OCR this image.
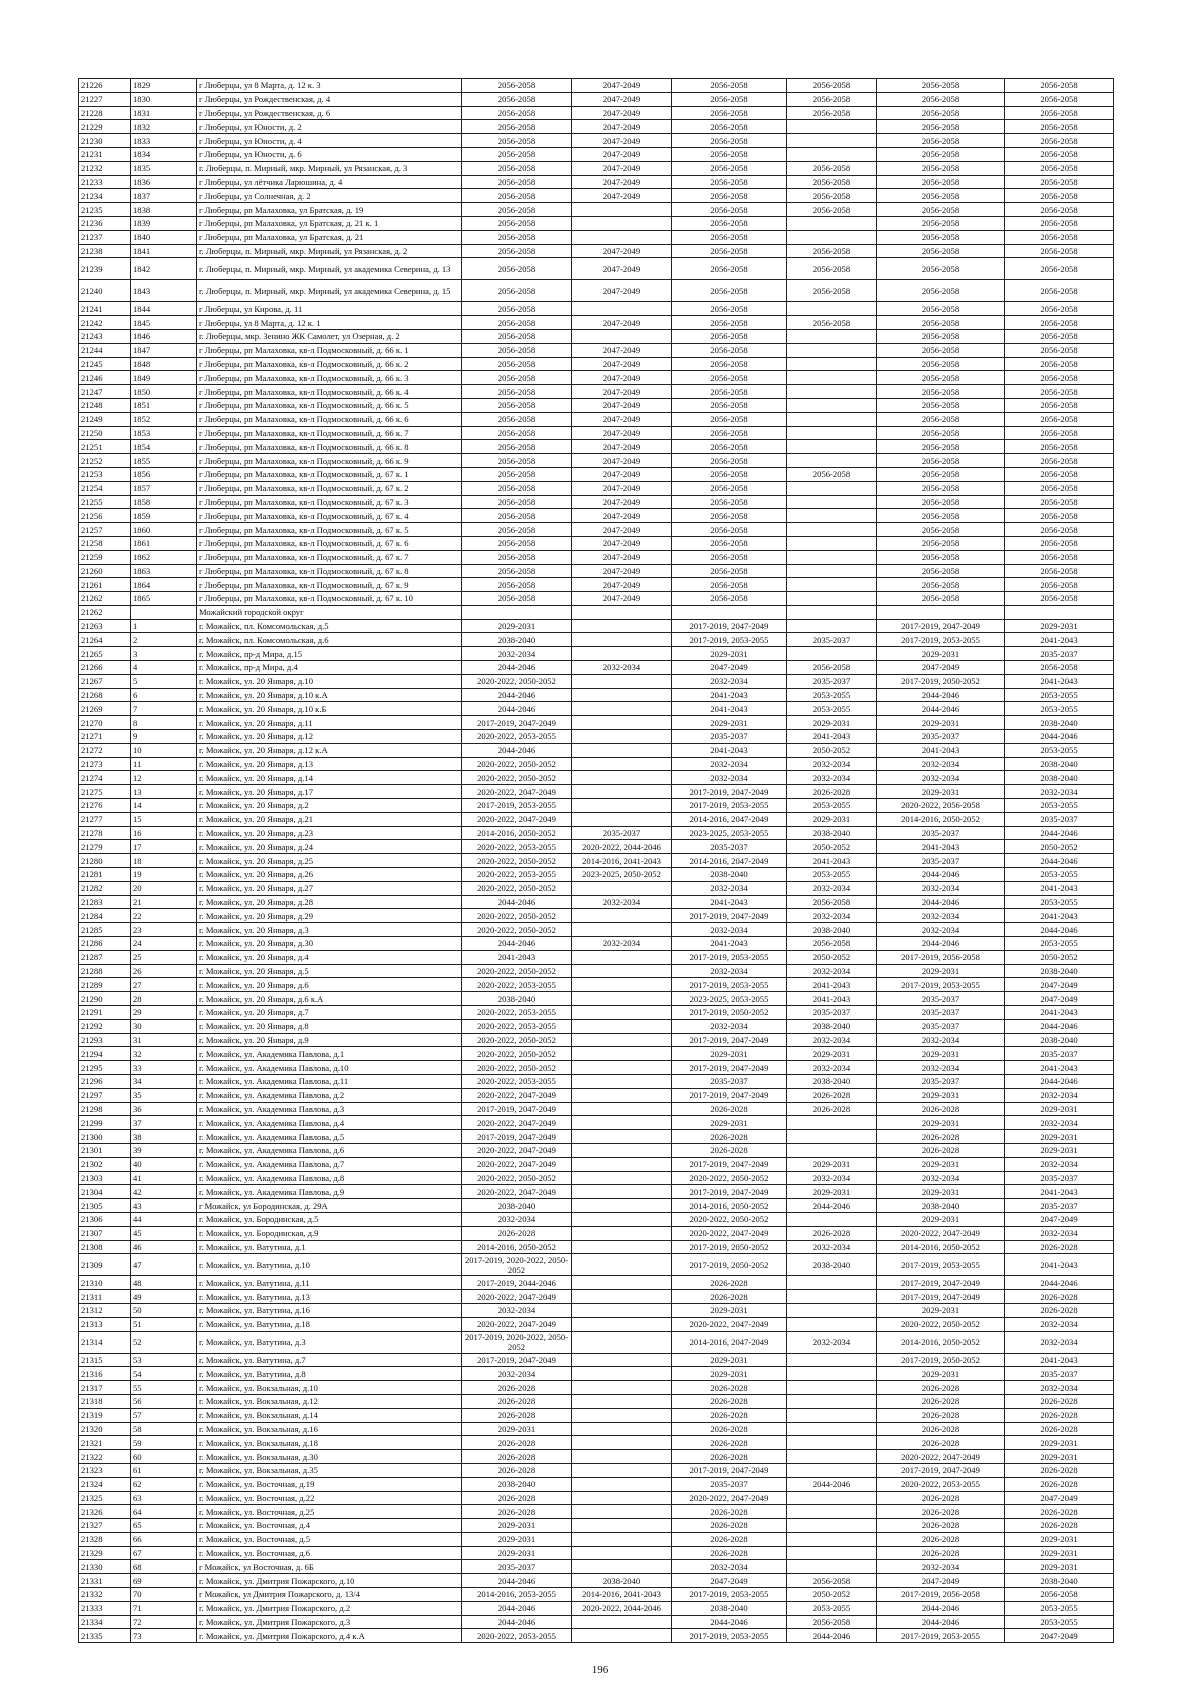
21226	1829	г Люберцы, ул 8 Марта, д. 12 к. 3	2056-2058	2047-2049	2056-2058	2056-2058	2056-2058	2056-2058
21227	1830	г Люберцы, ул Рождественская, д. 4	2056-2058	2047-2049	2056-2058	2056-2058	2056-2058	2056-2058
21228	1831	г Люберцы, ул Рождественская, д. 6	2056-2058	2047-2049	2056-2058	2056-2058	2056-2058	2056-2058
21229	1832	г Люберцы, ул Юности, д. 2	2056-2058	2047-2049	2056-2058		2056-2058	2056-2058
21230	1833	г Люберцы, ул Юности, д. 4	2056-2058	2047-2049	2056-2058		2056-2058	2056-2058
21231	1834	г Люберцы, ул Юности, д. 6	2056-2058	2047-2049	2056-2058		2056-2058	2056-2058
21232	1835	г. Люберцы, п. Мирный, мкр. Мирный, ул Рязанская, д. 3	2056-2058	2047-2049	2056-2058	2056-2058	2056-2058	2056-2058
21233	1836	г Люберцы, ул лётчика Ларюшина, д. 4	2056-2058	2047-2049	2056-2058	2056-2058	2056-2058	2056-2058
21234	1837	г Люберцы, ул Солнечная, д. 2	2056-2058	2047-2049	2056-2058	2056-2058	2056-2058	2056-2058
21235	1838	г Люберцы, рп Малаховка, ул Братская, д. 19	2056-2058		2056-2058	2056-2058	2056-2058	2056-2058
21236	1839	г Люберцы, рп Малаховка, ул Братская, д. 21 к. 1	2056-2058		2056-2058		2056-2058	2056-2058
21237	1840	г Люберцы, рп Малаховка, ул Братская, д. 21	2056-2058		2056-2058		2056-2058	2056-2058
21238	1841	г. Люберцы, п. Мирный, мкр. Мирный, ул Рязанская, д. 2	2056-2058	2047-2049	2056-2058	2056-2058	2056-2058	2056-2058
21239	1842	г. Люберцы, п. Мирный, мкр. Мирный, ул академика Северина, д. 13	2056-2058	2047-2049	2056-2058	2056-2058	2056-2058	2056-2058
21240	1843	г. Люберцы, п. Мирный, мкр. Мирный, ул академика Северина, д. 15	2056-2058	2047-2049	2056-2058	2056-2058	2056-2058	2056-2058
21241	1844	г Люберцы, ул Кирова, д. 11	2056-2058		2056-2058		2056-2058	2056-2058
21242	1845	г Люберцы, ул 8 Марта, д. 12 к. 1	2056-2058	2047-2049	2056-2058	2056-2058	2056-2058	2056-2058
21243	1846	г. Люберцы, мкр. Зенино ЖК Самолет, ул Озерная, д. 2	2056-2058		2056-2058		2056-2058	2056-2058
21244	1847	г Люберцы, рп Малаховка, кв-л Подмосковный, д. 66 к. 1	2056-2058	2047-2049	2056-2058		2056-2058	2056-2058
21245	1848	г Люберцы, рп Малаховка, кв-л Подмосковный, д. 66 к. 2	2056-2058	2047-2049	2056-2058		2056-2058	2056-2058
21246	1849	г Люберцы, рп Малаховка, кв-л Подмосковный, д. 66 к. 3	2056-2058	2047-2049	2056-2058		2056-2058	2056-2058
21247	1850	г Люберцы, рп Малаховка, кв-л Подмосковный, д. 66 к. 4	2056-2058	2047-2049	2056-2058		2056-2058	2056-2058
21248	1851	г Люберцы, рп Малаховка, кв-л Подмосковный, д. 66 к. 5	2056-2058	2047-2049	2056-2058		2056-2058	2056-2058
21249	1852	г Люберцы, рп Малаховка, кв-л Подмосковный, д. 66 к. 6	2056-2058	2047-2049	2056-2058		2056-2058	2056-2058
21250	1853	г Люберцы, рп Малаховка, кв-л Подмосковный, д. 66 к. 7	2056-2058	2047-2049	2056-2058		2056-2058	2056-2058
21251	1854	г Люберцы, рп Малаховка, кв-л Подмосковный, д. 66 к. 8	2056-2058	2047-2049	2056-2058		2056-2058	2056-2058
21252	1855	г Люберцы, рп Малаховка, кв-л Подмосковный, д. 66 к. 9	2056-2058	2047-2049	2056-2058		2056-2058	2056-2058
21253	1856	г Люберцы, рп Малаховка, кв-л Подмосковный, д. 67 к. 1	2056-2058	2047-2049	2056-2058	2056-2058	2056-2058	2056-2058
21254	1857	г Люберцы, рп Малаховка, кв-л Подмосковный, д. 67 к. 2	2056-2058	2047-2049	2056-2058		2056-2058	2056-2058
21255	1858	г Люберцы, рп Малаховка, кв-л Подмосковный, д. 67 к. 3	2056-2058	2047-2049	2056-2058		2056-2058	2056-2058
21256	1859	г Люберцы, рп Малаховка, кв-л Подмосковный, д. 67 к. 4	2056-2058	2047-2049	2056-2058		2056-2058	2056-2058
21257	1860	г Люберцы, рп Малаховка, кв-л Подмосковный, д. 67 к. 5	2056-2058	2047-2049	2056-2058		2056-2058	2056-2058
21258	1861	г Люберцы, рп Малаховка, кв-л Подмосковный, д. 67 к. 6	2056-2058	2047-2049	2056-2058		2056-2058	2056-2058
21259	1862	г Люберцы, рп Малаховка, кв-л Подмосковный, д. 67 к. 7	2056-2058	2047-2049	2056-2058		2056-2058	2056-2058
21260	1863	г Люберцы, рп Малаховка, кв-л Подмосковный, д. 67 к. 8	2056-2058	2047-2049	2056-2058		2056-2058	2056-2058
21261	1864	г Люберцы, рп Малаховка, кв-л Подмосковный, д. 67 к. 9	2056-2058	2047-2049	2056-2058		2056-2058	2056-2058
21262	1865	г Люберцы, рп Малаховка, кв-л Подмосковный, д. 67 к. 10	2056-2058	2047-2049	2056-2058		2056-2058	2056-2058
21262		Можайский городской округ						
21263	1	г. Можайск, пл. Комсомольская, д.5	2029-2031		2017-2019, 2047-2049		2017-2019, 2047-2049	2029-2031
21264	2	г. Можайск, пл. Комсомольская, д.6	2038-2040		2017-2019, 2053-2055	2035-2037	2017-2019, 2053-2055	2041-2043
21265	3	г. Можайск, пр-д Мира, д.15	2032-2034		2029-2031		2029-2031	2035-2037
21266	4	г. Можайск, пр-д Мира, д.4	2044-2046	2032-2034	2047-2049	2056-2058	2047-2049	2056-2058
21267	5	г. Можайск, ул. 20 Января, д.10	2020-2022, 2050-2052		2032-2034	2035-2037	2017-2019, 2050-2052	2041-2043
21268	6	г. Можайск, ул. 20 Января, д.10 к.А	2044-2046		2041-2043	2053-2055	2044-2046	2053-2055
21269	7	г. Можайск, ул. 20 Января, д.10 к.Б	2044-2046		2041-2043	2053-2055	2044-2046	2053-2055
21270	8	г. Можайск, ул. 20 Января, д.11	2017-2019, 2047-2049		2029-2031	2029-2031	2029-2031	2038-2040
21271	9	г. Можайск, ул. 20 Января, д.12	2020-2022, 2053-2055		2035-2037	2041-2043	2035-2037	2044-2046
21272	10	г. Можайск, ул. 20 Января, д.12 к.А	2044-2046		2041-2043	2050-2052	2041-2043	2053-2055
21273	11	г. Можайск, ул. 20 Января, д.13	2020-2022, 2050-2052		2032-2034	2032-2034	2032-2034	2038-2040
21274	12	г. Можайск, ул. 20 Января, д.14	2020-2022, 2050-2052		2032-2034	2032-2034	2032-2034	2038-2040
21275	13	г. Можайск, ул. 20 Января, д.17	2020-2022, 2047-2049		2017-2019, 2047-2049	2026-2028	2029-2031	2032-2034
21276	14	г. Можайск, ул. 20 Января, д.2	2017-2019, 2053-2055		2017-2019, 2053-2055	2053-2055	2020-2022, 2056-2058	2053-2055
21277	15	г. Можайск, ул. 20 Января, д.21	2020-2022, 2047-2049		2014-2016, 2047-2049	2029-2031	2014-2016, 2050-2052	2035-2037
21278	16	г. Можайск, ул. 20 Января, д.23	2014-2016, 2050-2052	2035-2037	2023-2025, 2053-2055	2038-2040	2035-2037	2044-2046
21279	17	г. Можайск, ул. 20 Января, д.24	2020-2022, 2053-2055	2020-2022, 2044-2046	2035-2037	2050-2052	2041-2043	2050-2052
21280	18	г. Можайск, ул. 20 Января, д.25	2020-2022, 2050-2052	2014-2016, 2041-2043	2014-2016, 2047-2049	2041-2043	2035-2037	2044-2046
21281	19	г. Можайск, ул. 20 Января, д.26	2020-2022, 2053-2055	2023-2025, 2050-2052	2038-2040	2053-2055	2044-2046	2053-2055
21282	20	г. Можайск, ул. 20 Января, д.27	2020-2022, 2050-2052		2032-2034	2032-2034	2032-2034	2041-2043
21283	21	г. Можайск, ул. 20 Января, д.28	2044-2046	2032-2034	2041-2043	2056-2058	2044-2046	2053-2055
21284	22	г. Можайск, ул. 20 Января, д.29	2020-2022, 2050-2052		2017-2019, 2047-2049	2032-2034	2032-2034	2041-2043
21285	23	г. Можайск, ул. 20 Января, д.3	2020-2022, 2050-2052		2032-2034	2038-2040	2032-2034	2044-2046
21286	24	г. Можайск, ул. 20 Января, д.30	2044-2046	2032-2034	2041-2043	2056-2058	2044-2046	2053-2055
21287	25	г. Можайск, ул. 20 Января, д.4	2041-2043		2017-2019, 2053-2055	2050-2052	2017-2019, 2056-2058	2050-2052
21288	26	г. Можайск, ул. 20 Января, д.5	2020-2022, 2050-2052		2032-2034	2032-2034	2029-2031	2038-2040
21289	27	г. Можайск, ул. 20 Января, д.6	2020-2022, 2053-2055		2017-2019, 2053-2055	2041-2043	2017-2019, 2053-2055	2047-2049
21290	28	г. Можайск, ул. 20 Января, д.6 к.А	2038-2040		2023-2025, 2053-2055	2041-2043	2035-2037	2047-2049
21291	29	г. Можайск, ул. 20 Января, д.7	2020-2022, 2053-2055		2017-2019, 2050-2052	2035-2037	2035-2037	2041-2043
21292	30	г. Можайск, ул. 20 Января, д.8	2020-2022, 2053-2055		2032-2034	2038-2040	2035-2037	2044-2046
21293	31	г. Можайск, ул. 20 Января, д.9	2020-2022, 2050-2052		2017-2019, 2047-2049	2032-2034	2032-2034	2038-2040
21294	32	г. Можайск, ул. Академика Павлова, д.1	2020-2022, 2050-2052		2029-2031	2029-2031	2029-2031	2035-2037
21295	33	г. Можайск, ул. Академика Павлова, д.10	2020-2022, 2050-2052		2017-2019, 2047-2049	2032-2034	2032-2034	2041-2043
21296	34	г. Можайск, ул. Академика Павлова, д.11	2020-2022, 2053-2055		2035-2037	2038-2040	2035-2037	2044-2046
21297	35	г. Можайск, ул. Академика Павлова, д.2	2020-2022, 2047-2049		2017-2019, 2047-2049	2026-2028	2029-2031	2032-2034
21298	36	г. Можайск, ул. Академика Павлова, д.3	2017-2019, 2047-2049		2026-2028	2026-2028	2026-2028	2029-2031
21299	37	г. Можайск, ул. Академика Павлова, д.4	2020-2022, 2047-2049		2029-2031		2029-2031	2032-2034
21300	38	г. Можайск, ул. Академика Павлова, д.5	2017-2019, 2047-2049		2026-2028		2026-2028	2029-2031
21301	39	г. Можайск, ул. Академика Павлова, д.6	2020-2022, 2047-2049		2026-2028		2026-2028	2029-2031
21302	40	г. Можайск, ул. Академика Павлова, д.7	2020-2022, 2047-2049		2017-2019, 2047-2049	2029-2031	2029-2031	2032-2034
21303	41	г. Можайск, ул. Академика Павлова, д.8	2020-2022, 2050-2052		2020-2022, 2050-2052	2032-2034	2032-2034	2035-2037
21304	42	г. Можайск, ул. Академика Павлова, д.9	2020-2022, 2047-2049		2017-2019, 2047-2049	2029-2031	2029-2031	2041-2043
21305	43	г Можайск, ул Бородинская, д. 29А	2038-2040		2014-2016, 2050-2052	2044-2046	2038-2040	2035-2037
21306	44	г. Можайск, ул. Бородинская, д.5	2032-2034		2020-2022, 2050-2052		2029-2031	2047-2049
21307	45	г. Можайск, ул. Бородинская, д.9	2026-2028		2020-2022, 2047-2049	2026-2028	2020-2022, 2047-2049	2032-2034
21308	46	г. Можайск, ул. Ватутина, д.1	2014-2016, 2050-2052		2017-2019, 2050-2052	2032-2034	2014-2016, 2050-2052	2026-2028
21309	47	г. Можайск, ул. Ватутина, д.10	2017-2019, 2020-2022, 2050-2052		2017-2019, 2050-2052	2038-2040	2017-2019, 2053-2055	2041-2043
21310	48	г. Можайск, ул. Ватутина, д.11	2017-2019, 2044-2046		2026-2028		2017-2019, 2047-2049	2044-2046
21311	49	г. Можайск, ул. Ватутина, д.13	2020-2022, 2047-2049		2026-2028		2017-2019, 2047-2049	2026-2028
21312	50	г. Можайск, ул. Ватутина, д.16	2032-2034		2029-2031		2029-2031	2026-2028
21313	51	г. Можайск, ул. Ватутина, д.18	2020-2022, 2047-2049		2020-2022, 2047-2049		2020-2022, 2050-2052	2032-2034
21314	52	г. Можайск, ул. Ватутина, д.3	2017-2019, 2020-2022, 2050-2052		2014-2016, 2047-2049	2032-2034	2014-2016, 2050-2052	2032-2034
21315	53	г. Можайск, ул. Ватутина, д.7	2017-2019, 2047-2049		2029-2031		2017-2019, 2050-2052	2041-2043
21316	54	г. Можайск, ул. Ватутина, д.8	2032-2034		2029-2031		2029-2031	2035-2037
21317	55	г. Можайск, ул. Вокзальная, д.10	2026-2028		2026-2028		2026-2028	2032-2034
21318	56	г. Можайск, ул. Вокзальная, д.12	2026-2028		2026-2028		2026-2028	2026-2028
21319	57	г. Можайск, ул. Вокзальная, д.14	2026-2028		2026-2028		2026-2028	2026-2028
21320	58	г. Можайск, ул. Вокзальная, д.16	2029-2031		2026-2028		2026-2028	2026-2028
21321	59	г. Можайск, ул. Вокзальная, д.18	2026-2028		2026-2028		2026-2028	2029-2031
21322	60	г. Можайск, ул. Вокзальная, д.30	2026-2028		2026-2028		2020-2022, 2047-2049	2029-2031
21323	61	г. Можайск, ул. Вокзальная, д.35	2026-2028		2017-2019, 2047-2049		2017-2019, 2047-2049	2026-2028
21324	62	г. Можайск, ул. Восточная, д.19	2038-2040		2035-2037	2044-2046	2020-2022, 2053-2055	2026-2028
21325	63	г. Можайск, ул. Восточная, д.22	2026-2028		2020-2022, 2047-2049		2026-2028	2047-2049
21326	64	г. Можайск, ул. Восточная, д.25	2026-2028		2026-2028		2026-2028	2026-2028
21327	65	г. Можайск, ул. Восточная, д.4	2029-2031		2026-2028		2026-2028	2026-2028
21328	66	г. Можайск, ул. Восточная, д.5	2029-2031		2026-2028		2026-2028	2029-2031
21329	67	г. Можайск, ул. Восточная, д.6	2029-2031		2026-2028		2026-2028	2029-2031
21330	68	г Можайск, ул Восточная, д. 6Б	2035-2037		2032-2034		2032-2034	2029-2031
21331	69	г. Можайск, ул. Дмитрия Пожарского, д.10	2044-2046	2038-2040	2047-2049	2056-2058	2047-2049	2038-2040
21332	70	г Можайск, ул Дмитрия Пожарского, д. 13/4	2014-2016, 2053-2055	2014-2016, 2041-2043	2017-2019, 2053-2055	2050-2052	2017-2019, 2056-2058	2056-2058
21333	71	г. Можайск, ул. Дмитрия Пожарского, д.2	2044-2046	2020-2022, 2044-2046	2038-2040	2053-2055	2044-2046	2053-2055
21334	72	г. Можайск, ул. Дмитрия Пожарского, д.3	2044-2046		2044-2046	2056-2058	2044-2046	2053-2055
21335	73	г. Можайск, ул. Дмитрия Пожарского, д.4 к.А	2020-2022, 2053-2055		2017-2019, 2053-2055	2044-2046	2017-2019, 2053-2055	2047-2049
196
